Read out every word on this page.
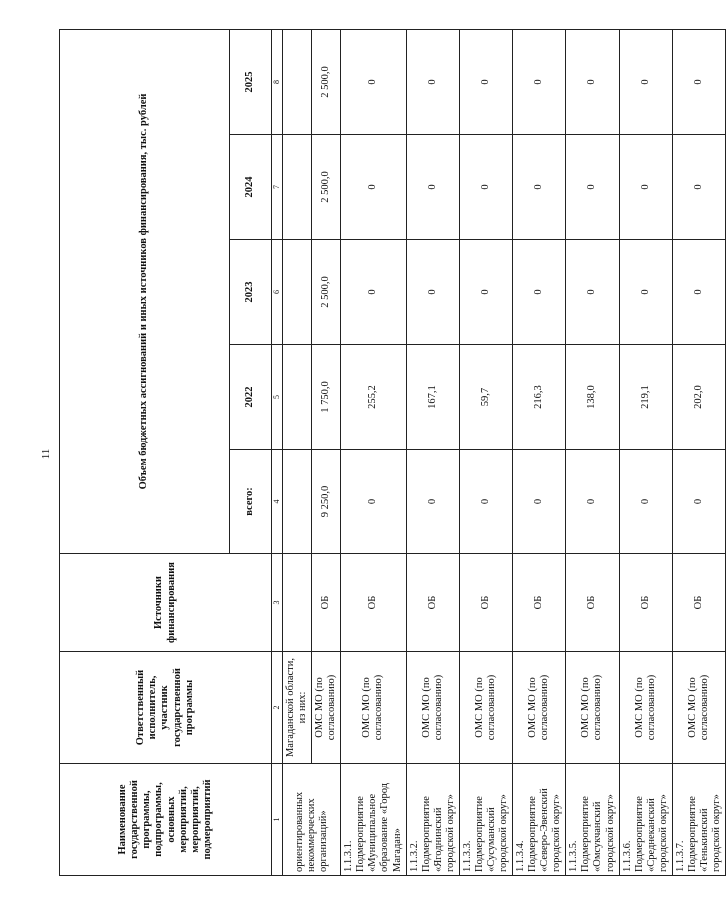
11
Наименование государственной программы, подпрограммы, основных мероприятий, мероприятий, подмероприятий	Ответственный исполнитель, участник государственной программы	Источники финансирования	Объем бюджетных ассигнований и иных источников финансирования, тыс. рублей				
			всего:	2022	2023	2024	2025
1	2	3	4	5	6	7	8
ориентированных некоммерческих организаций»	Магаданской области, из них:						
	ОМС МО (по согласованию)	ОБ	9 250,0	1 750,0	2 500,0	2 500,0	2 500,0
1.1.3.1. Подмероприятие «Муниципальное образование «Город Магадан»	ОМС МО (по согласованию)	ОБ	0	255,2	0	0	0
1.1.3.2. Подмероприятие «Ягоднинский городской округ»	ОМС МО (по согласованию)	ОБ	0	167,1	0	0	0
1.1.3.3. Подмероприятие «Сусуманский городской округ»	ОМС МО (по согласованию)	ОБ	0	59,7	0	0	0
1.1.3.4. Подмероприятие «Северо-Эвенский городской округ»	ОМС МО (по согласованию)	ОБ	0	216,3	0	0	0
1.1.3.5. Подмероприятие «Омсукчанский городской округ»	ОМС МО (по согласованию)	ОБ	0	138,0	0	0	0
1.1.3.6. Подмероприятие «Среднеканский городской округ»	ОМС МО (по согласованию)	ОБ	0	219,1	0	0	0
1.1.3.7. Подмероприятие «Тенькинский городской округ»	ОМС МО (по согласованию)	ОБ	0	202,0	0	0	0
